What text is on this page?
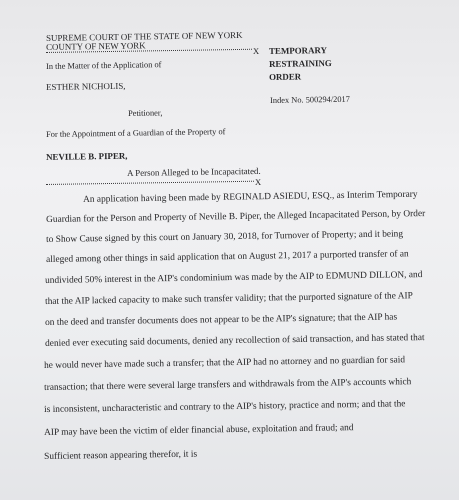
SUPREME COURT OF THE STATE OF NEW YORK
COUNTY OF NEW YORK	X
In the Matter of the Application of
ESTHER NICHOLIS,
Petitioner,
For the Appointment of a Guardian of the Property of
NEVILLE B. PIPER,
A Person Alleged to be Incapacitated.
X
TEMPORARY
RESTRAINING
ORDER
Index No. 500294/2017
An application having been made by REGINALD ASIEDU, ESQ., as Interim Temporary
Guardian for the Person and Property of Neville B. Piper, the Alleged Incapacitated Person, by Order
to Show Cause signed by this court on January 30, 2018, for Turnover of Property; and it being
alleged among other things in said application that on August 21, 2017 a purported transfer of an
undivided 50% interest in the AIP's condominium was made by the AIP to EDMUND DILLON, and
that the AIP lacked capacity to make such transfer validity; that the purported signature of the AIP
on the deed and transfer documents does not appear to be the AIP's signature; that the AIP has
denied ever executing said documents, denied any recollection of said transaction, and has stated that
he would never have made such a transfer; that the AIP had no attorney and no guardian for said
transaction; that there were several large transfers and withdrawals from the AIP's accounts which
is inconsistent, uncharacteristic and contrary to the AIP's history, practice and norm; and that the
AIP may have been the victim of elder financial abuse, exploitation and fraud; and
Sufficient reason appearing therefor, it is
